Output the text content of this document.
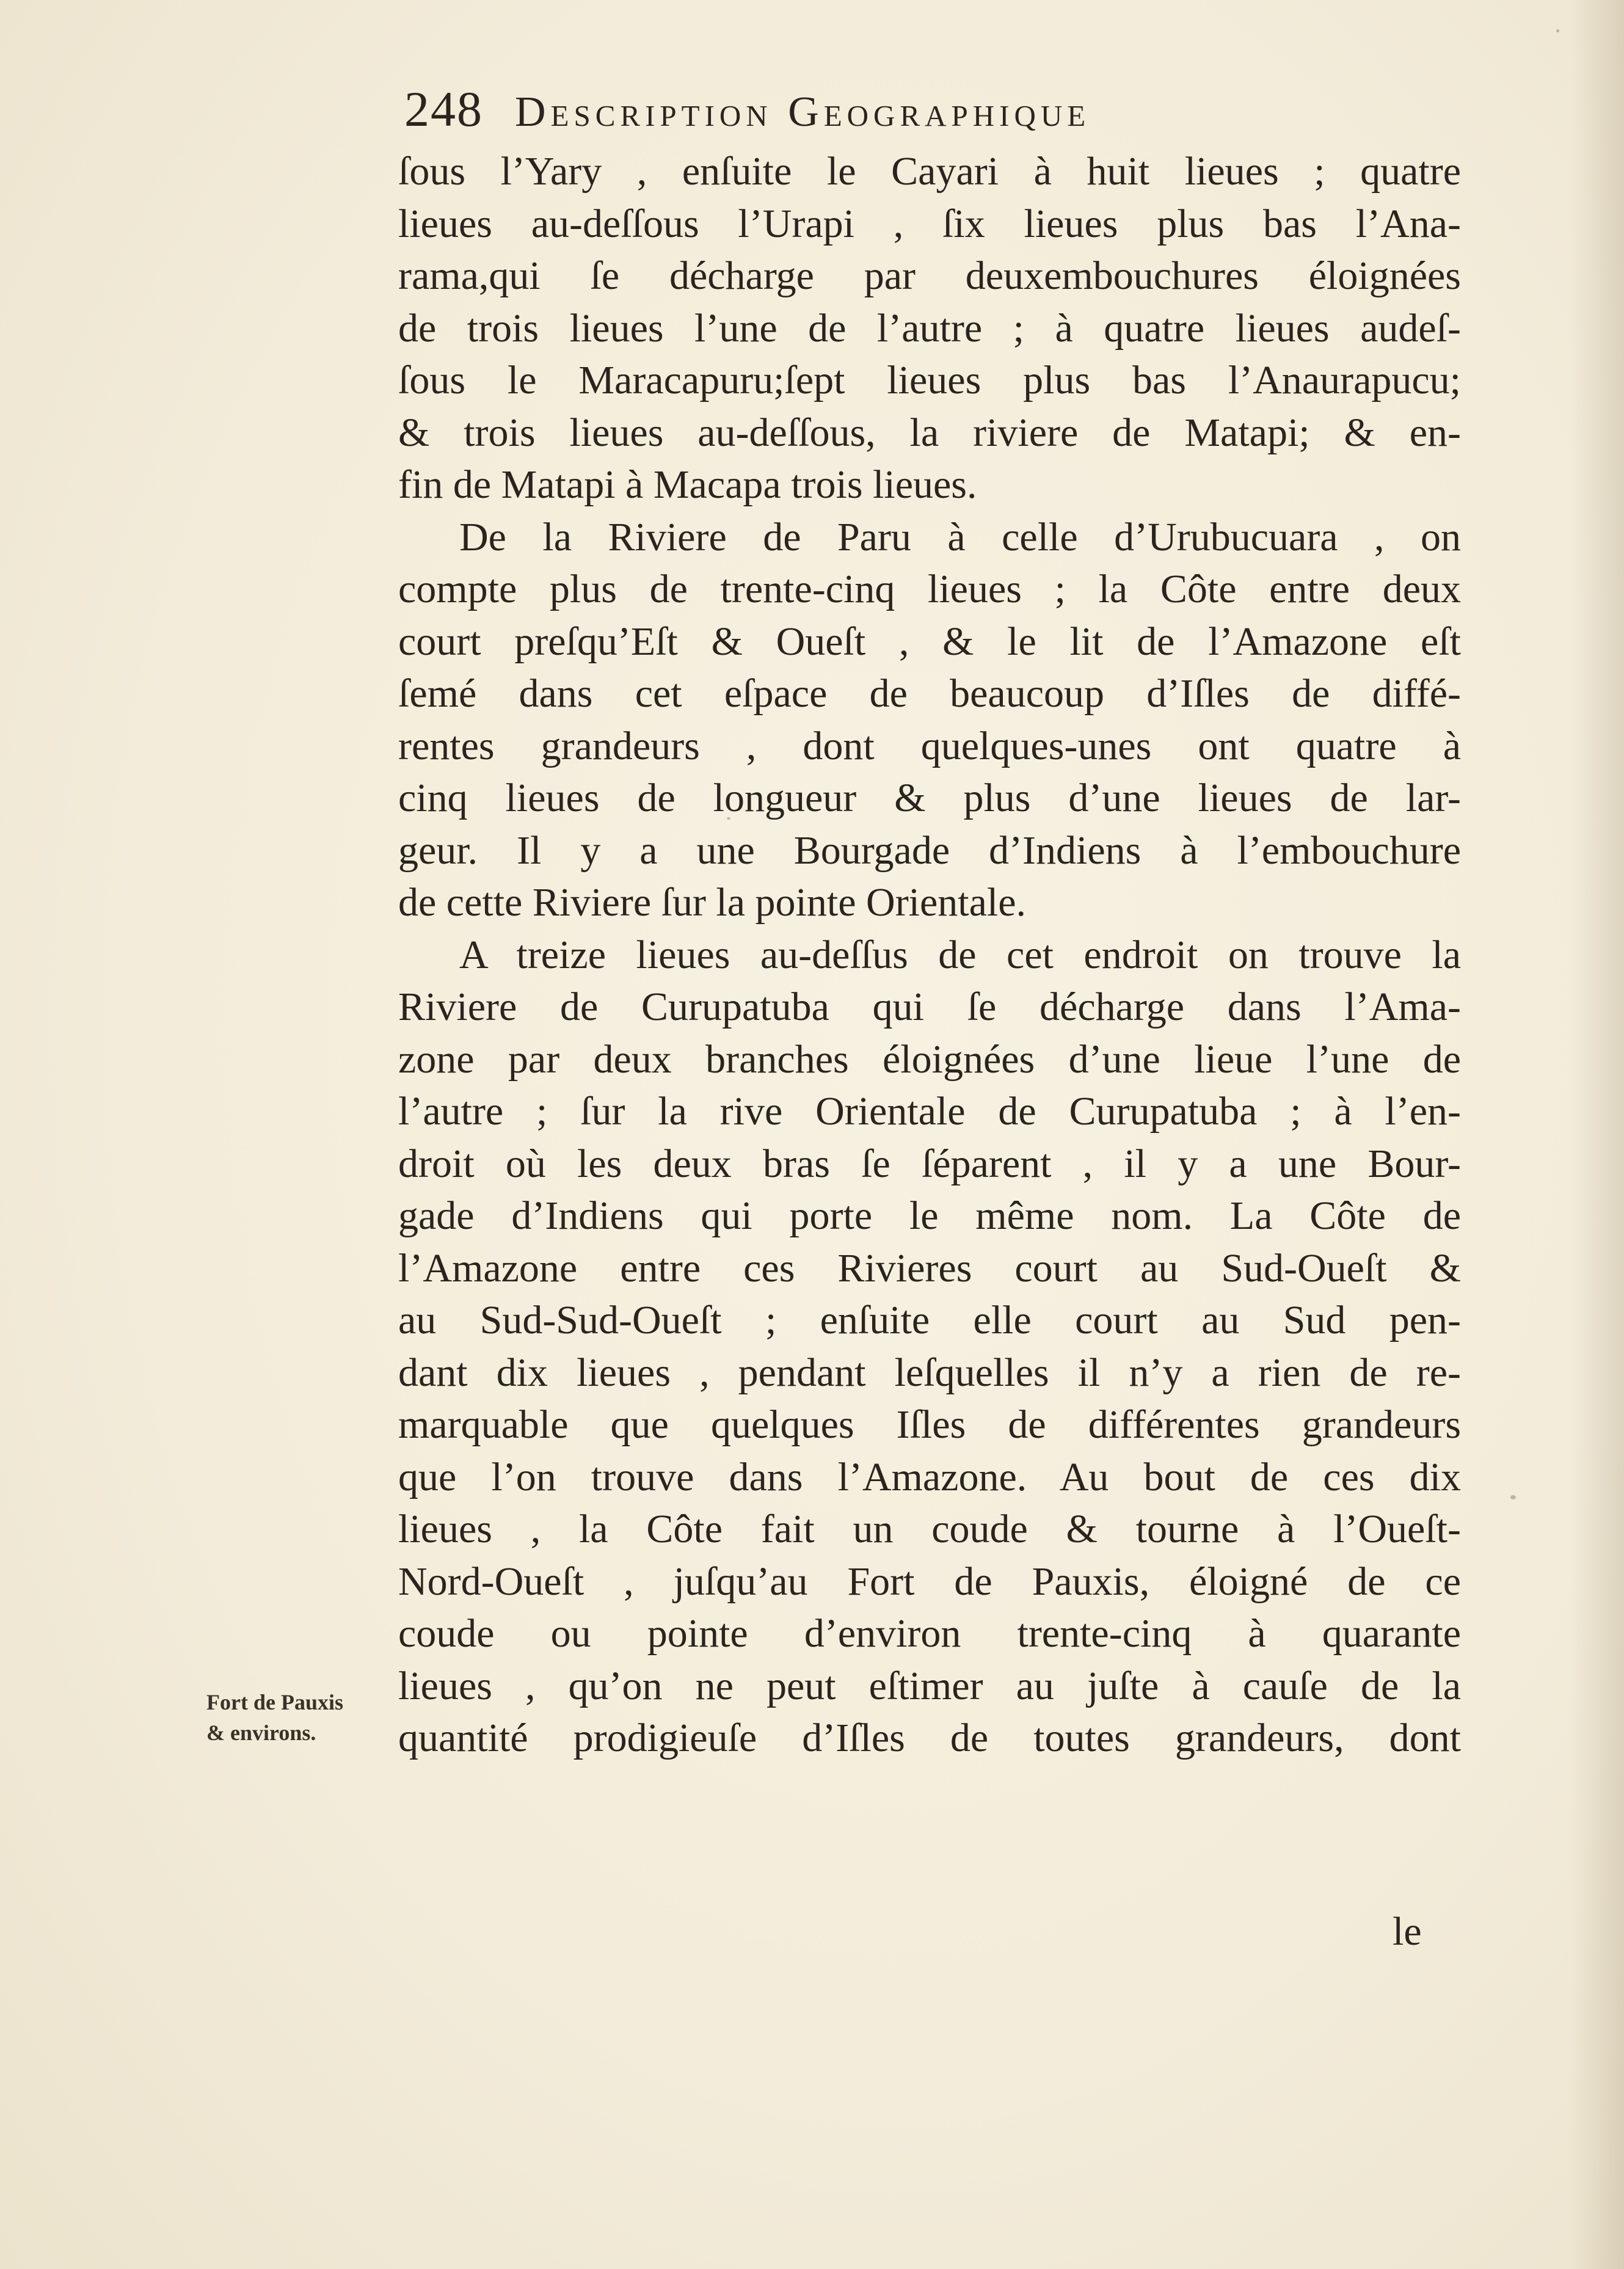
248 Description Geographique
ſous l’Yary , enſuite le Cayari à huit lieues ; quatre
lieues au-deſſous l’Urapi , ſix lieues plus bas l’Ana-
rama,qui ſe décharge par deuxembouchures éloignées
de trois lieues l’une de l’autre ; à quatre lieues audeſ-
ſous le Maracapuru;ſept lieues plus bas l’Anaurapucu;
& trois lieues au-deſſous, la riviere de Matapi; & en-
fin de Matapi à Macapa trois lieues.
De la Riviere de Paru à celle d’Urubucuara , on
compte plus de trente-cinq lieues ; la Côte entre deux
court preſqu’Eſt & Oueſt , & le lit de l’Amazone eſt
ſemé dans cet eſpace de beaucoup d’Iſles de diffé-
rentes grandeurs , dont quelques-unes ont quatre à
cinq lieues de longueur & plus d’une lieues de lar-
geur. Il y a une Bourgade d’Indiens à l’embouchure
de cette Riviere ſur la pointe Orientale.
A treize lieues au-deſſus de cet endroit on trouve la
Riviere de Curupatuba qui ſe décharge dans l’Ama-
zone par deux branches éloignées d’une lieue l’une de
l’autre ; ſur la rive Orientale de Curupatuba ; à l’en-
droit où les deux bras ſe ſéparent , il y a une Bour-
gade d’Indiens qui porte le même nom. La Côte de
l’Amazone entre ces Rivieres court au Sud-Oueſt &
au Sud-Sud-Oueſt ; enſuite elle court au Sud pen-
dant dix lieues , pendant leſquelles il n’y a rien de re-
marquable que quelques Iſles de différentes grandeurs
que l’on trouve dans l’Amazone. Au bout de ces dix
lieues , la Côte fait un coude & tourne à l’Oueſt-
Nord-Oueſt , juſqu’au Fort de Pauxis, éloigné de ce
coude ou pointe d’environ trente-cinq à quarante
lieues , qu’on ne peut eſtimer au juſte à cauſe de la
quantité prodigieuſe d’Iſles de toutes grandeurs, dont
le
Fort de Pauxis
& environs.
